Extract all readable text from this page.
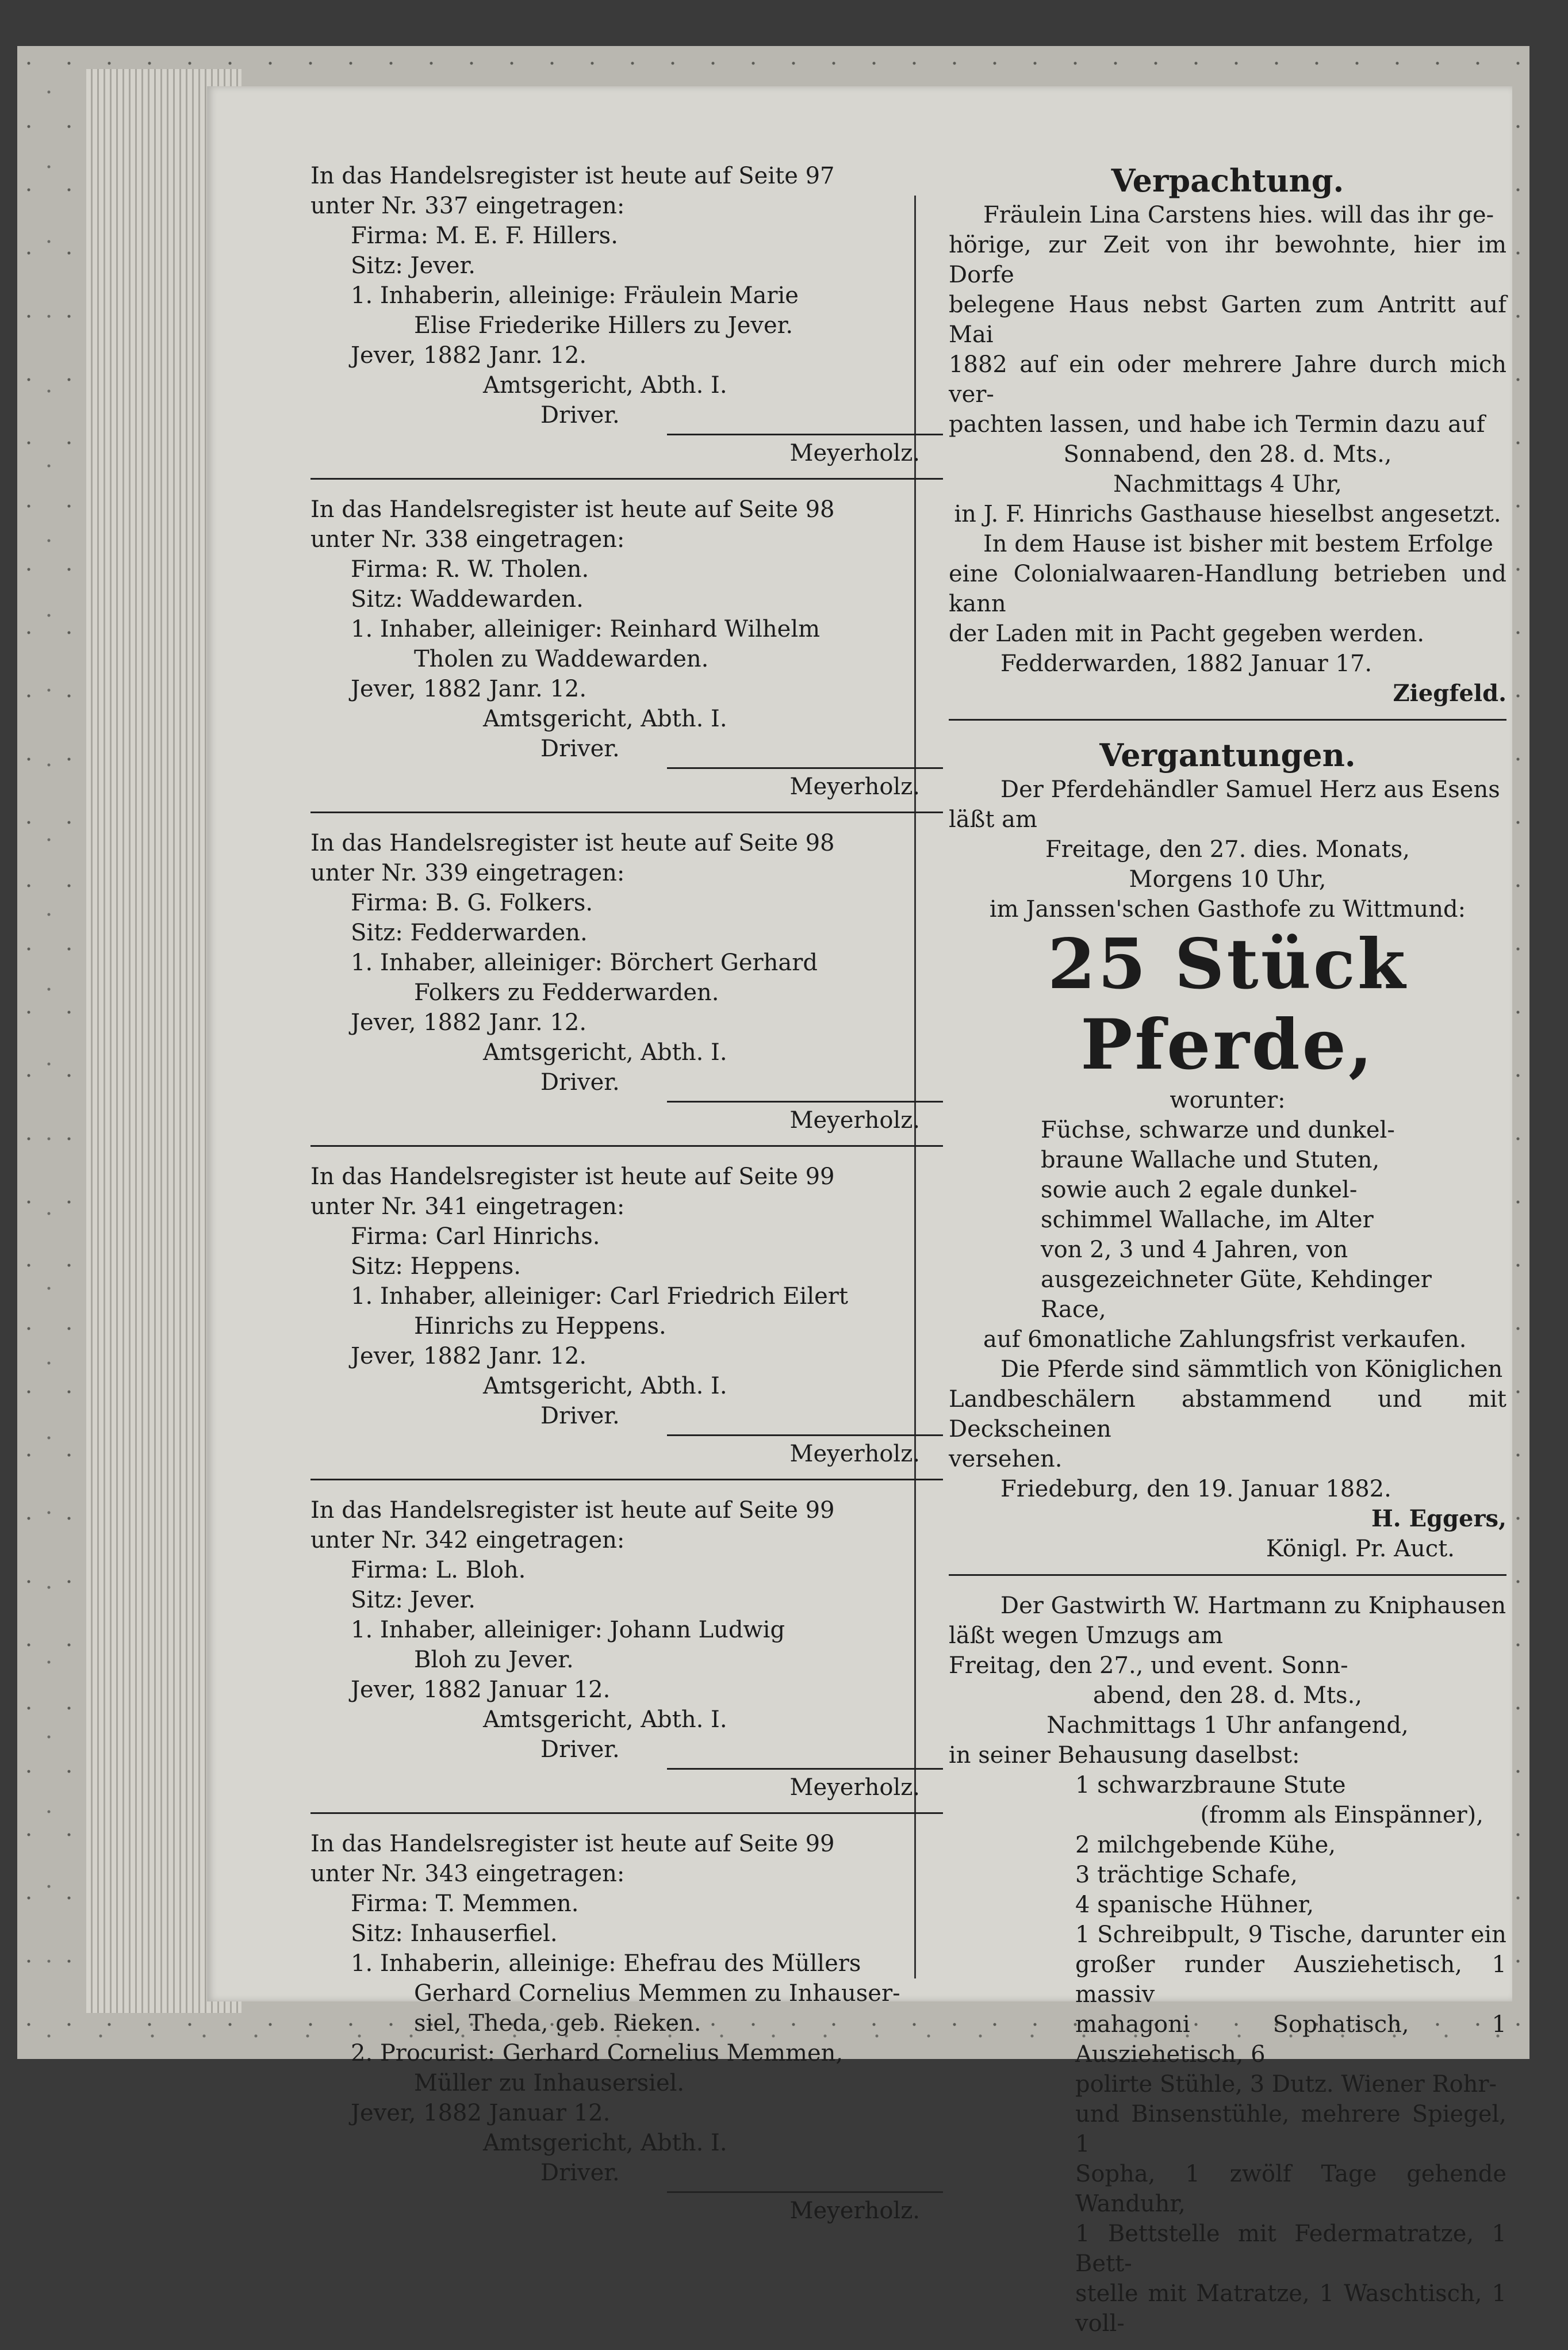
In das Handelsregister ist heute auf Seite 97

unter Nr. 337 eingetragen:

Firma: M. E. F. Hillers.

Sitz: Jever.

1. Inhaberin, alleinige: Fräulein Marie

Elise Friederike Hillers zu Jever.

Jever, 1882 Janr. 12.

Amtsgericht, Abth. I.

Driver.

Meyerholz.

In das Handelsregister ist heute auf Seite 98

unter Nr. 338 eingetragen:

Firma: R. W. Tholen.

Sitz: Waddewarden.

1. Inhaber, alleiniger: Reinhard Wilhelm

Tholen zu Waddewarden.

Jever, 1882 Janr. 12.

Amtsgericht, Abth. I.

Driver.

Meyerholz.

In das Handelsregister ist heute auf Seite 98

unter Nr. 339 eingetragen:

Firma: B. G. Folkers.

Sitz: Fedderwarden.

1. Inhaber, alleiniger: Börchert Gerhard

Folkers zu Fedderwarden.

Jever, 1882 Janr. 12.

Amtsgericht, Abth. I.

Driver.

Meyerholz.

In das Handelsregister ist heute auf Seite 99

unter Nr. 341 eingetragen:

Firma: Carl Hinrichs.

Sitz: Heppens.

1. Inhaber, alleiniger: Carl Friedrich Eilert

Hinrichs zu Heppens.

Jever, 1882 Janr. 12.

Amtsgericht, Abth. I.

Driver.

Meyerholz.

In das Handelsregister ist heute auf Seite 99

unter Nr. 342 eingetragen:

Firma: L. Bloh.

Sitz: Jever.

1. Inhaber, alleiniger: Johann Ludwig

Bloh zu Jever.

Jever, 1882 Januar 12.

Amtsgericht, Abth. I.

Driver.

Meyerholz.

In das Handelsregister ist heute auf Seite 99

unter Nr. 343 eingetragen:

Firma: T. Memmen.

Sitz: Inhauserfiel.

1. Inhaberin, alleinige: Ehefrau des Müllers

Gerhard Cornelius Memmen zu Inhauser-

siel, Theda, geb. Rieken.

2. Procurist: Gerhard Cornelius Memmen,

Müller zu Inhausersiel.

Jever, 1882 Januar 12.

Amtsgericht, Abth. I.

Driver.

Meyerholz.
Verpachtung.

Fräulein Lina Carstens hies. will das ihr ge-

hörige, zur Zeit von ihr bewohnte, hier im Dorfe

belegene Haus nebst Garten zum Antritt auf Mai

1882 auf ein oder mehrere Jahre durch mich ver-

pachten lassen, und habe ich Termin dazu auf

Sonnabend, den 28. d. Mts.,

Nachmittags 4 Uhr,

in J. F. Hinrichs Gasthause hieselbst angesetzt.

In dem Hause ist bisher mit bestem Erfolge

eine Colonialwaaren-Handlung betrieben und kann

der Laden mit in Pacht gegeben werden.

Fedderwarden, 1882 Januar 17.

Ziegfeld.

Vergantungen.

Der Pferdehändler Samuel Herz aus Esens

läßt am

Freitage, den 27. dies. Monats,

Morgens 10 Uhr,

im Janssen'schen Gasthofe zu Wittmund:

25 Stück Pferde,

worunter:

Füchse, schwarze und dunkel-

braune Wallache und Stuten,

sowie auch 2 egale dunkel-

schimmel Wallache, im Alter

von 2, 3 und 4 Jahren, von

ausgezeichneter Güte, Kehdinger

Race,

auf 6monatliche Zahlungsfrist verkaufen.

Die Pferde sind sämmtlich von Königlichen

Landbeschälern abstammend und mit Deckscheinen

versehen.

Friedeburg, den 19. Januar 1882.

H. Eggers,

Königl. Pr. Auct.

Der Gastwirth W. Hartmann zu Kniphausen

läßt wegen Umzugs am

Freitag, den 27., und event. Sonn-

abend, den 28. d. Mts.,

Nachmittags 1 Uhr anfangend,

in seiner Behausung daselbst:

1 schwarzbraune Stute

(fromm als Einspänner),

2 milchgebende Kühe,

3 trächtige Schafe,

4 spanische Hühner,

1 Schreibpult, 9 Tische, darunter ein

großer runder Ausziehetisch, 1 massiv

mahagoni Sophatisch, 1 Ausziehetisch, 6

polirte Stühle, 3 Dutz. Wiener Rohr-

und Binsenstühle, mehrere Spiegel, 1

Sopha, 1 zwölf Tage gehende Wanduhr,

1 Bettstelle mit Federmatratze, 1 Bett-

stelle mit Matratze, 1 Waschtisch, 1 voll-
